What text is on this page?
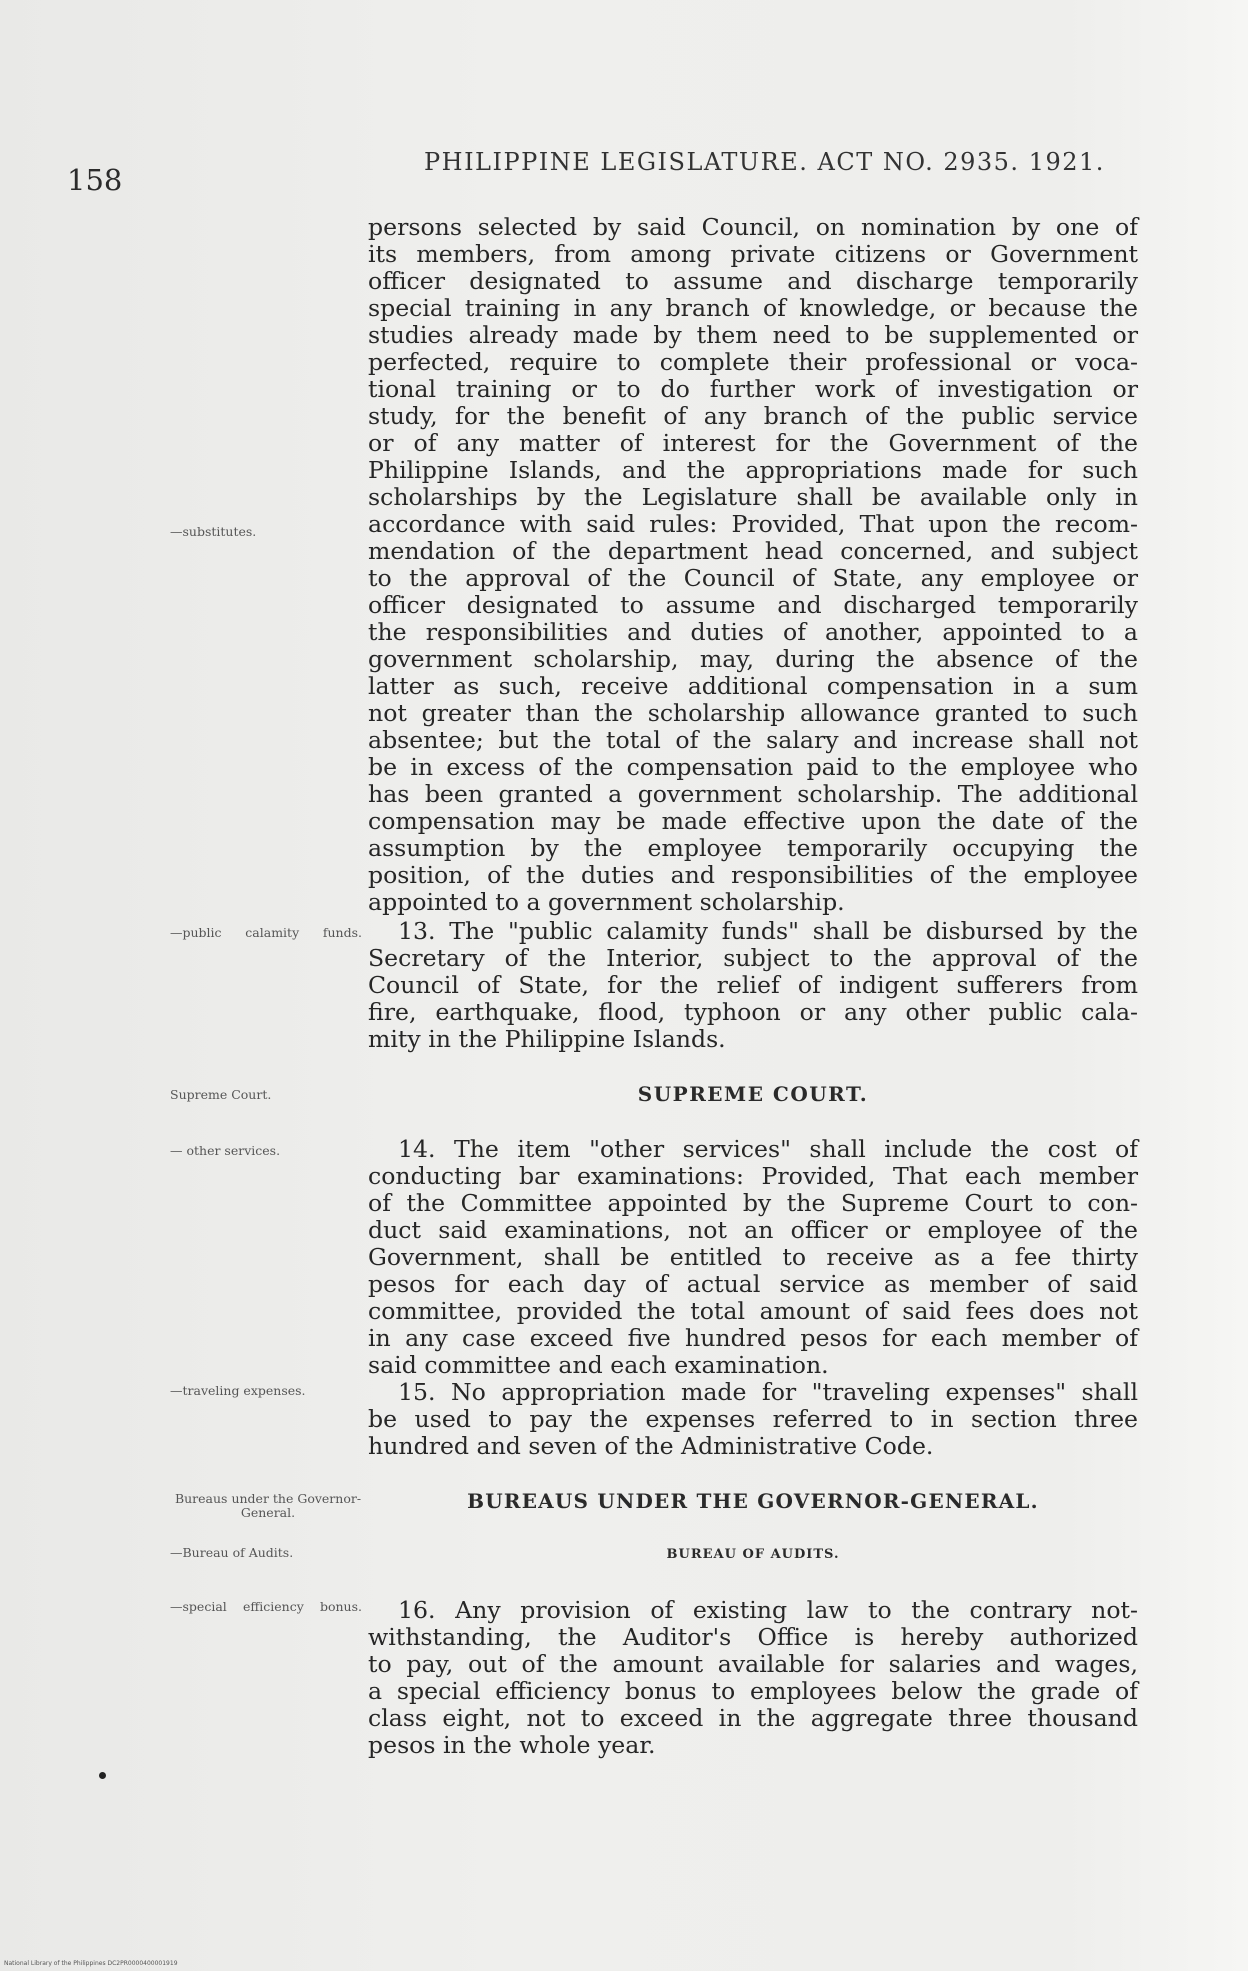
158
PHILIPPINE LEGISLATURE. ACT NO. 2935. 1921.
—substitutes.
—public calamity funds.
Supreme Court.
— other services.
—traveling expenses.
Bureaus under the Governor-General.
—Bureau of Audits.
—special efficiency bonus.
SUPREME COURT.
BUREAUS UNDER THE GOVERNOR-GENERAL.
BUREAU OF AUDITS.
persons selected by said Council, on nomination by one of
its members, from among private citizens or Government
officer designated to assume and discharge temporarily
special training in any branch of knowledge, or because the
studies already made by them need to be supplemented or
perfected, require to complete their professional or voca-
tional training or to do further work of investigation or
study, for the benefit of any branch of the public service
or of any matter of interest for the Government of the
Philippine Islands, and the appropriations made for such
scholarships by the Legislature shall be available only in
accordance with said rules: Provided, That upon the recom-
mendation of the department head concerned, and subject
to the approval of the Council of State, any employee or
officer designated to assume and discharged temporarily
the responsibilities and duties of another, appointed to a
government scholarship, may, during the absence of the
latter as such, receive additional compensation in a sum
not greater than the scholarship allowance granted to such
absentee; but the total of the salary and increase shall not
be in excess of the compensation paid to the employee who
has been granted a government scholarship. The additional
compensation may be made effective upon the date of the
assumption by the employee temporarily occupying the
position, of the duties and responsibilities of the employee
appointed to a government scholarship.
13. The "public calamity funds" shall be disbursed by the
Secretary of the Interior, subject to the approval of the
Council of State, for the relief of indigent sufferers from
fire, earthquake, flood, typhoon or any other public cala-
mity in the Philippine Islands.
14. The item "other services" shall include the cost of
conducting bar examinations: Provided, That each member
of the Committee appointed by the Supreme Court to con-
duct said examinations, not an officer or employee of the
Government, shall be entitled to receive as a fee thirty
pesos for each day of actual service as member of said
committee, provided the total amount of said fees does not
in any case exceed five hundred pesos for each member of
said committee and each examination.
15. No appropriation made for "traveling expenses" shall
be used to pay the expenses referred to in section three
hundred and seven of the Administrative Code.
16. Any provision of existing law to the contrary not-
withstanding, the Auditor's Office is hereby authorized
to pay, out of the amount available for salaries and wages,
a special efficiency bonus to employees below the grade of
class eight, not to exceed in the aggregate three thousand
pesos in the whole year.
National Library of the Philippines DC2PR0000400001919
